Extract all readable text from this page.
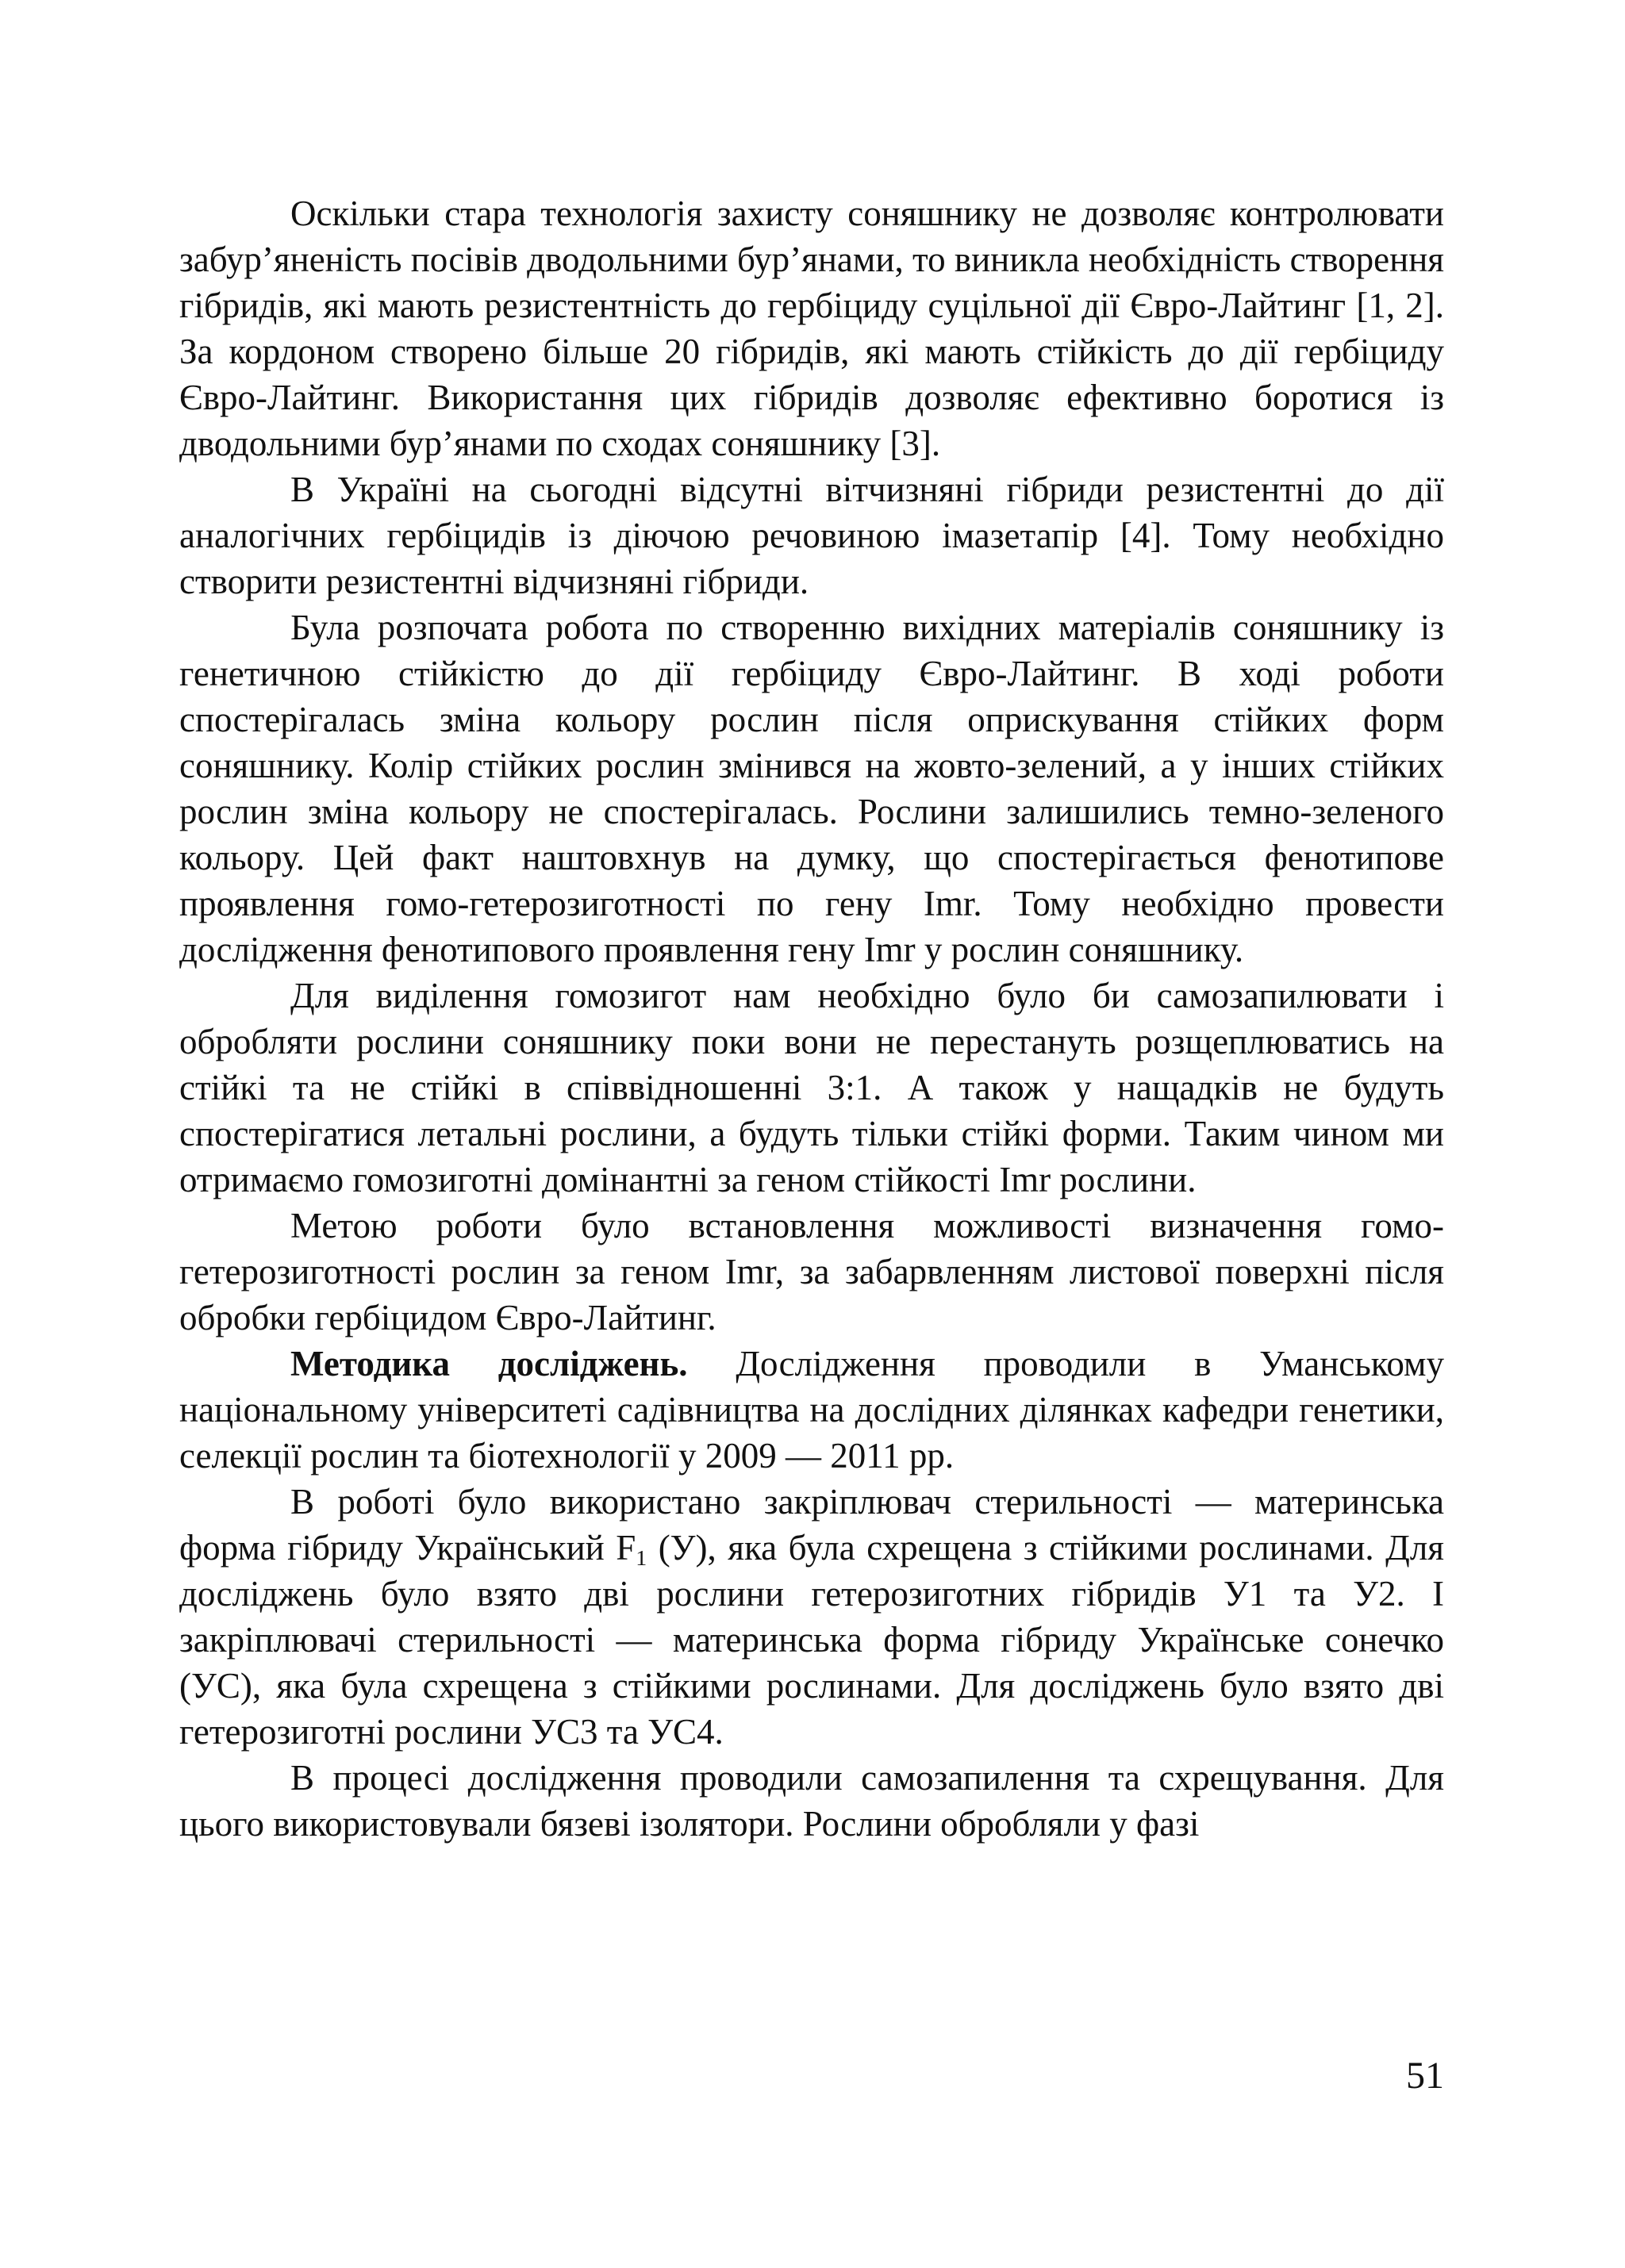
Оскільки стара технологія захисту соняшнику не дозволяє контролювати забур’яненість посівів дводольними бур’янами, то виникла необхідність створення гібридів, які мають резистентність до гербіциду суцільної дії Євро-Лайтинг [1, 2]. За кордоном створено більше 20 гібридів, які мають стійкість до дії гербіциду Євро-Лайтинг. Використання цих гібридів дозволяє ефективно боротися із дводольними бур’янами по сходах соняшнику [3].

В Україні на сьогодні відсутні вітчизняні гібриди резистентні до дії аналогічних гербіцидів із діючою речовиною імазетапір [4]. Тому необхідно створити резистентні відчизняні гібриди.

Була розпочата робота по створенню вихідних матеріалів соняшнику із генетичною стійкістю до дії гербіциду Євро-Лайтинг. В ході роботи спостерігалась зміна кольору рослин після оприскування стійких форм соняшнику. Колір стійких рослин змінився на жовто-зелений, а у інших стійких рослин зміна кольору не спостерігалась. Рослини залишились темно-зеленого кольору. Цей факт наштовхнув на думку, що спостерігається фенотипове проявлення гомо-гетерозиготності по гену Imr. Тому необхідно провести дослідження фенотипового проявлення гену Imr у рослин соняшнику.

Для виділення гомозигот нам необхідно було би самозапилювати і обробляти рослини соняшнику поки вони не перестануть розщеплюватись на стійкі та не стійкі в співвідношенні 3:1. А також у нащадків не будуть спостерігатися летальні рослини, а будуть тільки стійкі форми. Таким чином ми отримаємо гомозиготні домінантні за геном стійкості Imr рослини.

Метою роботи було встановлення можливості визначення гомо-гетерозиготності рослин за геном Imr, за забарвленням листової поверхні після обробки гербіцидом Євро-Лайтинг.

Методика досліджень. Дослідження проводили в Уманському національному університеті садівництва на дослідних ділянках кафедри генетики, селекції рослин та біотехнології у 2009 — 2011 рр.

В роботі було використано закріплювач стерильності — материнська форма гібриду Український $F_1$ (У), яка була схрещена з стійкими рослинами. Для досліджень було взято дві рослини гетерозиготних гібридів У1 та У2. І закріплювачі стерильності — материнська форма гібриду Українське сонечко (УС), яка була схрещена з стійкими рослинами. Для досліджень було взято дві гетерозиготні рослини УС3 та УС4.

В процесі дослідження проводили самозапилення та схрещування. Для цього використовували бязеві ізолятори. Рослини обробляли у фазі

51
